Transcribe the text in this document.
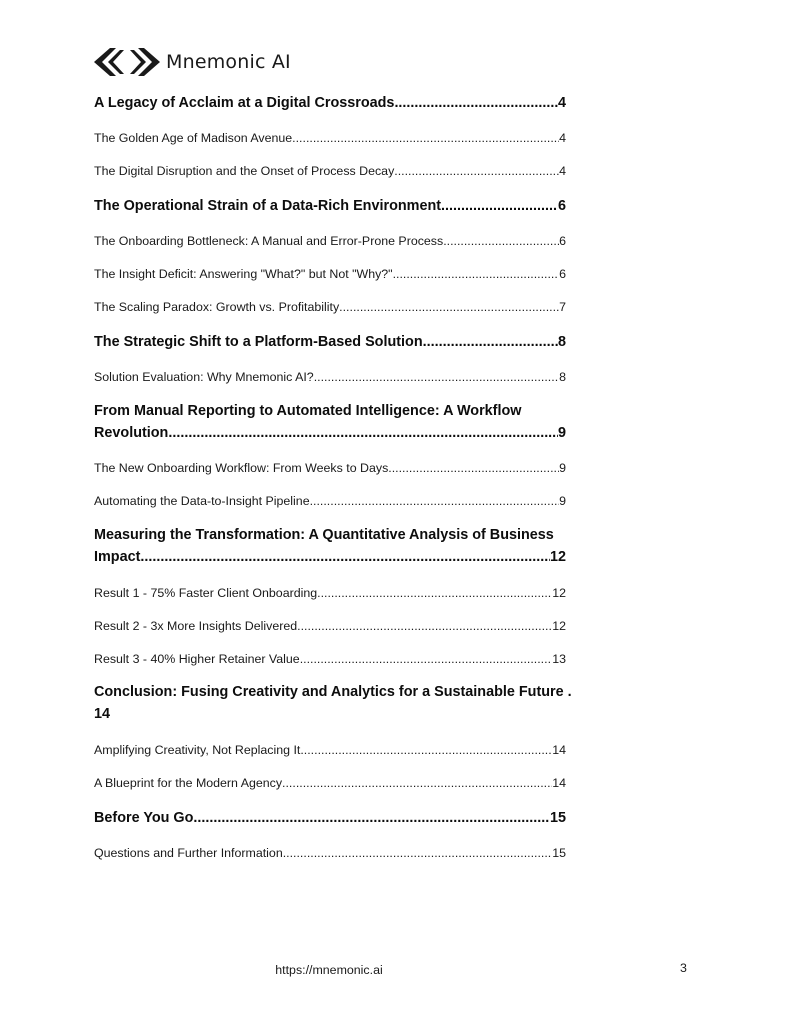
Mnemonic AI
A Legacy of Acclaim at a Digital Crossroads .....	4
The Golden Age of Madison Avenue .....	4
The Digital Disruption and the Onset of Process Decay .....	4
The Operational Strain of a Data-Rich Environment .....	6
The Onboarding Bottleneck: A Manual and Error-Prone Process .....	6
The Insight Deficit: Answering "What?" but Not "Why?" .....	6
The Scaling Paradox: Growth vs. Profitability .....	7
The Strategic Shift to a Platform-Based Solution .....	8
Solution Evaluation: Why Mnemonic AI? .....	8
From Manual Reporting to Automated Intelligence: A Workflow
Revolution .....	9
The New Onboarding Workflow: From Weeks to Days .....	9
Automating the Data-to-Insight Pipeline .....	9
Measuring the Transformation: A Quantitative Analysis of Business
Impact .....	12
Result 1 - 75% Faster Client Onboarding .....	12
Result 2 - 3x More Insights Delivered .....	12
Result 3 - 40% Higher Retainer Value .....	13
Conclusion: Fusing Creativity and Analytics for a Sustainable Future .
14
Amplifying Creativity, Not Replacing It .....	14
A Blueprint for the Modern Agency .....	14
Before You Go .....	15
Questions and Further Information .....	15
https://mnemonic.ai	3
